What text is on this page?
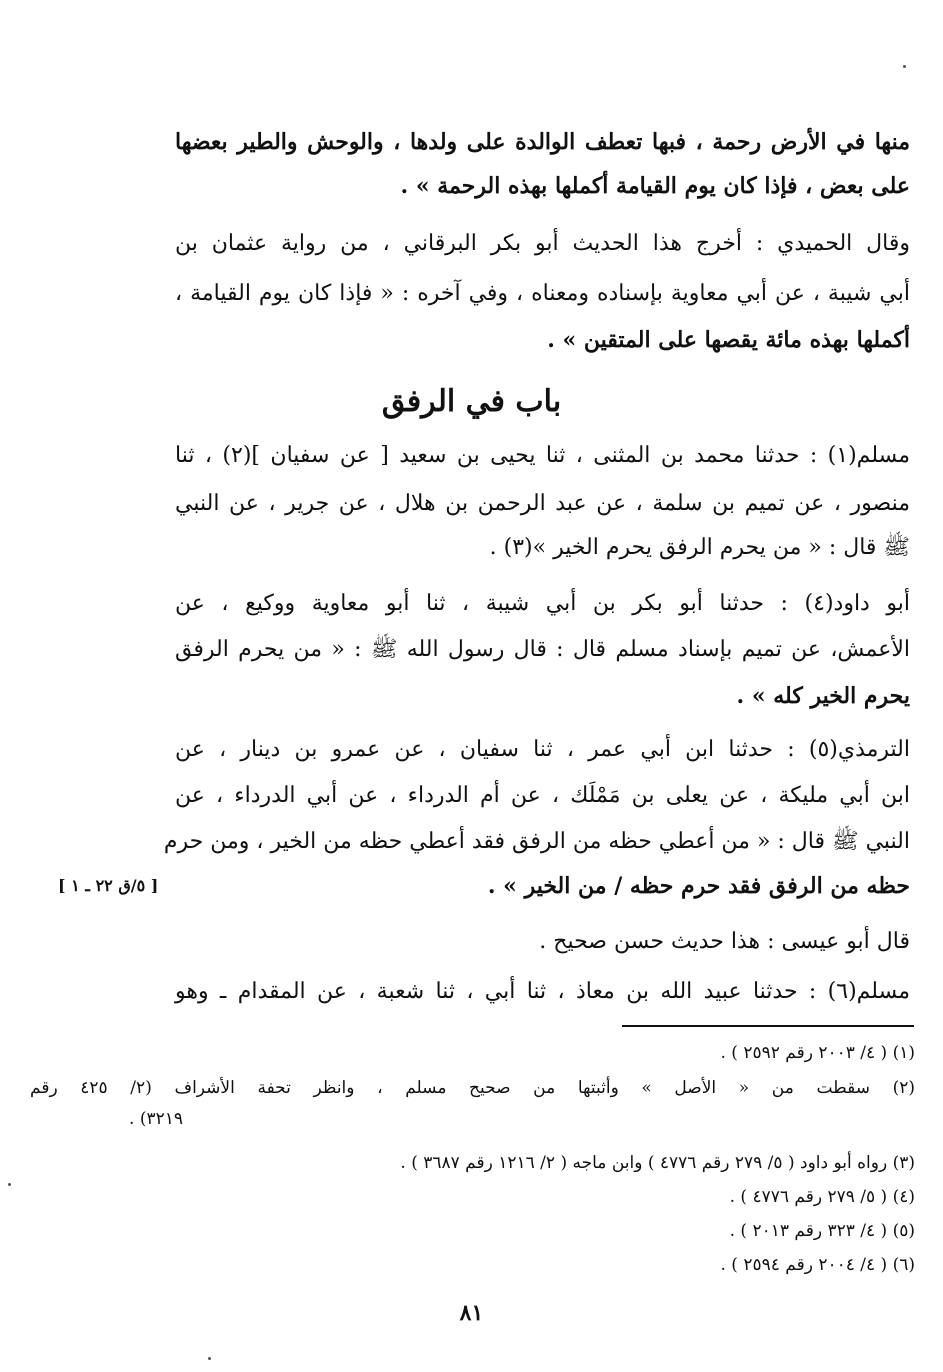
منها في الأرض رحمة ، فبها تعطف الوالدة على ولدها ، والوحش والطير بعضها
على بعض ، فإذا كان يوم القيامة أكملها بهذه الرحمة » .
وقال الحميدي : أخرج هذا الحديث أبو بكر البرقاني ، من رواية عثمان بن
أبي شيبة ، عن أبي معاوية بإسناده ومعناه ، وفي آخره : « فإذا كان يوم القيامة ،
أكملها بهذه مائة يقصها على المتقين » .
مسلم(١) : حدثنا محمد بن المثنى ، ثنا يحيى بن سعيد [ عن سفيان ](٢) ، ثنا
منصور ، عن تميم بن سلمة ، عن عبد الرحمن بن هلال ، عن جرير ، عن النبي
ﷺ قال : « من يحرم الرفق يحرم الخير »(٣) .
أبو داود(٤) : حدثنا أبو بكر بن أبي شيبة ، ثنا أبو معاوية ووكيع ، عن
الأعمش، عن تميم بإسناد مسلم قال : قال رسول الله ﷺ : « من يحرم الرفق
يحرم الخير كله » .
الترمذي(٥) : حدثنا ابن أبي عمر ، ثنا سفيان ، عن عمرو بن دينار ، عن
ابن أبي مليكة ، عن يعلى بن مَمْلَك ، عن أم الدرداء ، عن أبي الدرداء ، عن
النبي ﷺ قال : « من أعطي حظه من الرفق فقد أعطي حظه من الخير ، ومن حرم
حظه من الرفق فقد حرم حظه / من الخير » .
قال أبو عيسى : هذا حديث حسن صحيح .
مسلم(٦) : حدثنا عبيد الله بن معاذ ، ثنا أبي ، ثنا شعبة ، عن المقدام ـ وهو
باب في الرفق
[ ٥/ق ٢٢ ـ ١ ]
(١) ( ٤/ ٢٠٠٣ رقم ٢٥٩٢ ) .
(٢) سقطت من « الأصل » وأثبتها من صحيح مسلم ، وانظر تحفة الأشراف (٢/ ٤٢٥ رقم
٣٢١٩) .
(٣) رواه أبو داود ( ٥/ ٢٧٩ رقم ٤٧٧٦ ) وابن ماجه ( ٢/ ١٢١٦ رقم ٣٦٨٧ ) .
(٤) ( ٥/ ٢٧٩ رقم ٤٧٧٦ ) .
(٥) ( ٤/ ٣٢٣ رقم ٢٠١٣ ) .
(٦) ( ٤/ ٢٠٠٤ رقم ٢٥٩٤ ) .
٨١
